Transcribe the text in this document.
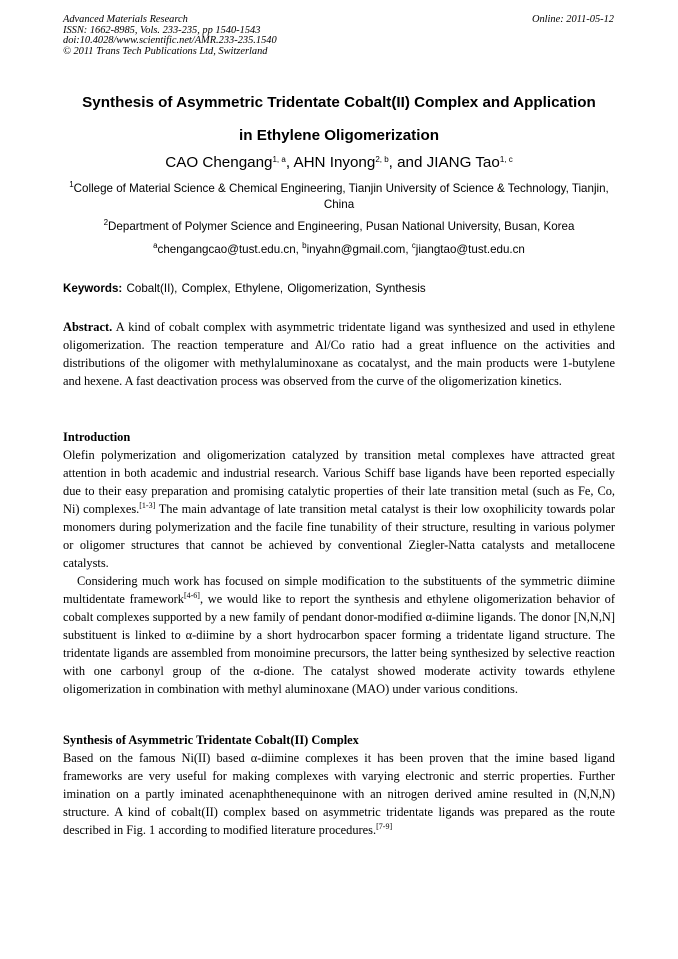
Advanced Materials Research
ISSN: 1662-8985, Vols. 233-235, pp 1540-1543
doi:10.4028/www.scientific.net/AMR.233-235.1540
© 2011 Trans Tech Publications Ltd, Switzerland
Online: 2011-05-12
Synthesis of Asymmetric Tridentate Cobalt(II) Complex and Application
in Ethylene Oligomerization
CAO Chengang$^{1, a}$, AHN Inyong$^{2, b}$, and JIANG Tao$^{1, c}$
$^1$College of Material Science & Chemical Engineering, Tianjin University of Science & Technology, Tianjin, China
$^2$Department of Polymer Science and Engineering, Pusan National University, Busan, Korea
$^a$chengangcao@tust.edu.cn, $^b$inyahn@gmail.com, $^c$jiangtao@tust.edu.cn
Keywords: Cobalt(II), Complex, Ethylene, Oligomerization, Synthesis

Abstract. A kind of cobalt complex with asymmetric tridentate ligand was synthesized and used in ethylene oligomerization. The reaction temperature and Al/Co ratio had a great influence on the activities and distributions of the oligomer with methylaluminoxane as cocatalyst, and the main products were 1-butylene and hexene. A fast deactivation process was observed from the curve of the oligomerization kinetics.

Introduction

Olefin polymerization and oligomerization catalyzed by transition metal complexes have attracted great attention in both academic and industrial research. Various Schiff base ligands have been reported especially due to their easy preparation and promising catalytic properties of their late transition metal (such as Fe, Co, Ni) complexes.[1-3] The main advantage of late transition metal catalyst is their low oxophilicity towards polar monomers during polymerization and the facile fine tunability of their structure, resulting in various polymer or oligomer structures that cannot be achieved by conventional Ziegler-Natta catalysts and metallocene catalysts.

Considering much work has focused on simple modification to the substituents of the symmetric diimine multidentate framework[4-6], we would like to report the synthesis and ethylene oligomerization behavior of cobalt complexes supported by a new family of pendant donor-modified α-diimine ligands. The donor [N,N,N] substituent is linked to α-diimine by a short hydrocarbon spacer forming a tridentate ligand structure. The tridentate ligands are assembled from monoimine precursors, the latter being synthesized by selective reaction with one carbonyl group of the α-dione. The catalyst showed moderate activity towards ethylene oligomerization in combination with methyl aluminoxane (MAO) under various conditions.

Synthesis of Asymmetric Tridentate Cobalt(II) Complex

Based on the famous Ni(II) based α-diimine complexes it has been proven that the imine based ligand frameworks are very useful for making complexes with varying electronic and sterric properties. Further imination on a partly iminated acenaphthenequinone with an nitrogen derived amine resulted in (N,N,N) structure. A kind of cobalt(II) complex based on asymmetric tridentate ligands was prepared as the route described in Fig. 1 according to modified literature procedures.[7-9]
